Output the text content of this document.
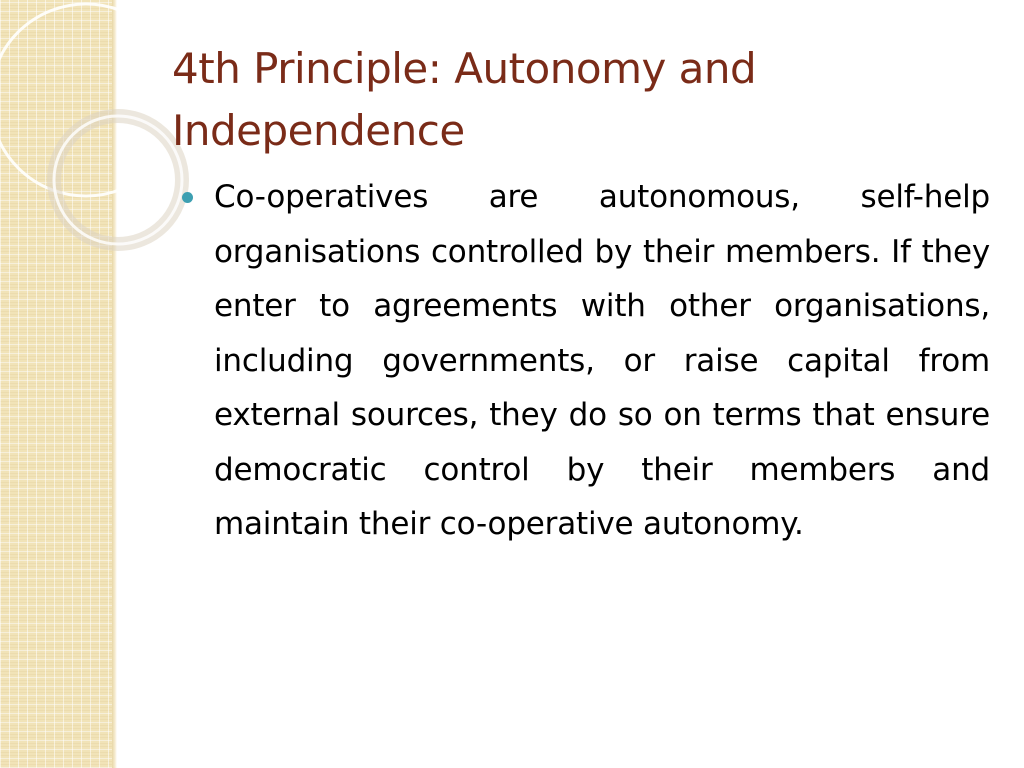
4th Principle: Autonomy and Independence

Co-operatives are autonomous, self-help organisations controlled by their members. If they enter to agreements with other organisations, including governments, or raise capital from external sources, they do so on terms that ensure democratic control by their members and maintain their co-operative autonomy.
